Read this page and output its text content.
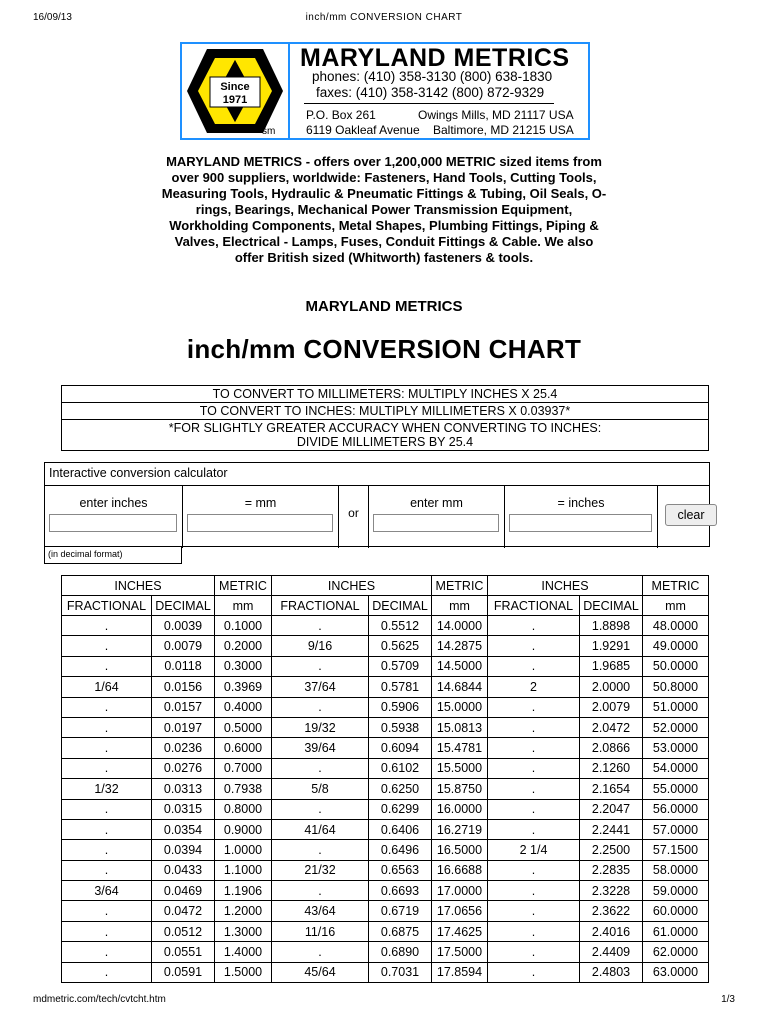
16/09/13	inch/mm CONVERSION CHART
Since
1971
sm
MARYLAND METRICS
phones: (410) 358-3130 (800) 638-1830
faxes: (410) 358-3142 (800) 872-9329
P.O. Box 261	Owings Mills, MD 21117 USA
6119 Oakleaf Avenue Baltimore, MD 21215 USA
MARYLAND METRICS - offers over 1,200,000 METRIC sized items from over 900 suppliers, worldwide: Fasteners, Hand Tools, Cutting Tools, Measuring Tools, Hydraulic & Pneumatic Fittings & Tubing, Oil Seals, O-rings, Bearings, Mechanical Power Transmission Equipment, Workholding Components, Metal Shapes, Plumbing Fittings, Piping & Valves, Electrical - Lamps, Fuses, Conduit Fittings & Cable. We also offer British sized (Whitworth) fasteners & tools.
MARYLAND METRICS
inch/mm CONVERSION CHART
TO CONVERT TO MILLIMETERS: MULTIPLY INCHES X 25.4
TO CONVERT TO INCHES: MULTIPLY MILLIMETERS X 0.03937*

*FOR SLIGHTLY GREATER ACCURACY WHEN CONVERTING TO INCHES:
DIVIDE MILLIMETERS BY 25.4
Interactive conversion calculator
enter inches	= mm
or
enter mm	= inches
clear
(in decimal format)
INCHES		METRIC	INCHES		METRIC	INCHES		METRIC
FRACTIONAL	DECIMAL	mm	FRACTIONAL	DECIMAL	mm	FRACTIONAL	DECIMAL	mm
.	0.0039	0.1000	.	0.5512	14.0000	.	1.8898	48.0000
.	0.0079	0.2000	9/16	0.5625	14.2875	.	1.9291	49.0000
.	0.0118	0.3000	.	0.5709	14.5000	.	1.9685	50.0000
1/64	0.0156	0.3969	37/64	0.5781	14.6844	2	2.0000	50.8000
.	0.0157	0.4000	.	0.5906	15.0000	.	2.0079	51.0000
.	0.0197	0.5000	19/32	0.5938	15.0813	.	2.0472	52.0000
.	0.0236	0.6000	39/64	0.6094	15.4781	.	2.0866	53.0000
.	0.0276	0.7000	.	0.6102	15.5000	.	2.1260	54.0000
1/32	0.0313	0.7938	5/8	0.6250	15.8750	.	2.1654	55.0000
.	0.0315	0.8000	.	0.6299	16.0000	.	2.2047	56.0000
.	0.0354	0.9000	41/64	0.6406	16.2719	.	2.2441	57.0000
.	0.0394	1.0000	.	0.6496	16.5000	2 1/4	2.2500	57.1500
.	0.0433	1.1000	21/32	0.6563	16.6688	.	2.2835	58.0000
3/64	0.0469	1.1906	.	0.6693	17.0000	.	2.3228	59.0000
.	0.0472	1.2000	43/64	0.6719	17.0656	.	2.3622	60.0000
.	0.0512	1.3000	11/16	0.6875	17.4625	.	2.4016	61.0000
.	0.0551	1.4000	.	0.6890	17.5000	.	2.4409	62.0000
.	0.0591	1.5000	45/64	0.7031	17.8594	.	2.4803	63.0000
mdmetric.com/tech/cvtcht.htm	1/3
